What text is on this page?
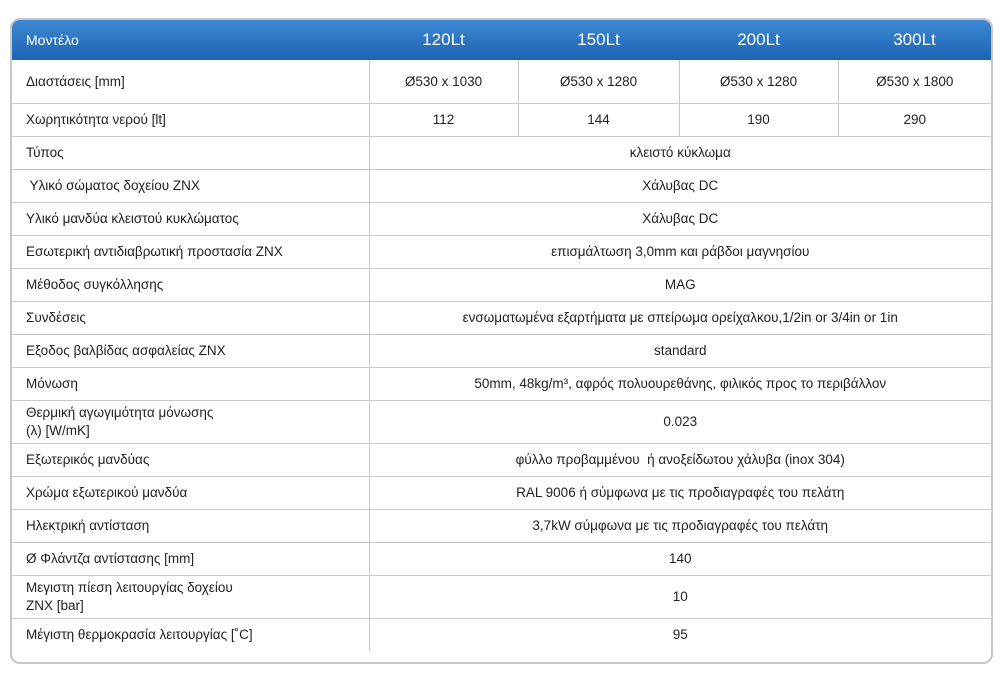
Μοντέλο	120Lt	150Lt	200Lt	300Lt
Διαστάσεις [mm]	Ø530 x 1030	Ø530 x 1280	Ø530 x 1280	Ø530 x 1800
Χωρητικότητα νερού [lt]	112	144	190	290
Τύπος	κλειστό κύκλωμα			
Υλικό σώματος δοχείου ZNX	Χάλυβας DC			
Υλικό μανδύα κλειστού κυκλώματος	Χάλυβας DC			
Εσωτερική αντιδιαβρωτική προστασία ZNX	επισμάλτωση 3,0mm και ράβδοι μαγνησίου			
Μέθοδος συγκόλλησης	MAG			
Συνδέσεις	ενσωματωμένα εξαρτήματα με σπείρωμα ορείχαλκου,1/2in or 3/4in or 1in			
Εξοδος βαλβίδας ασφαλείας ZNX	standard			
Μόνωση	50mm, 48kg/m³, αφρός πολυουρεθάνης, φιλικός προς το περιβάλλον			

Θερμική αγωγιμότητα μόνωσης
(λ) [W/mK]	0.023			
Εξωτερικός μανδύας	φύλλο προβαμμένου  ή ανοξείδωτου χάλυβα (inox 304)			
Χρώμα εξωτερικού μανδύα	RAL 9006 ή σύμφωνα με τις προδιαγραφές του πελάτη			
Ηλεκτρική αντίσταση	3,7kW σύμφωνα με τις προδιαγραφές του πελάτη			
Ø Φλάντζα αντίστασης [mm]	140			

Μεγιστη πίεση λειτουργίας δοχείου
ZNX [bar]	10			
Μέγιστη θερμοκρασία λειτουργίας [˚C]	95			
